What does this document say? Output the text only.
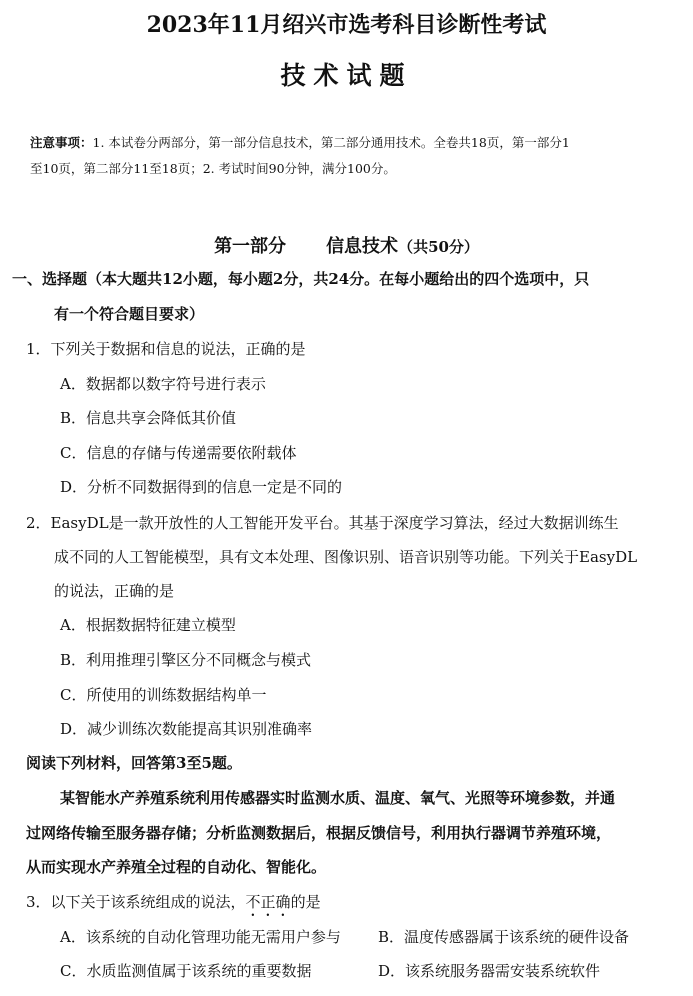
2023年11月绍兴市选考科目诊断性考试
技术试题
注意事项：1. 本试卷分两部分，第一部分信息技术，第二部分通用技术。全卷共18页，第一部分1
至10页，第二部分11至18页；2. 考试时间90分钟，满分100分。
第一部分 信息技术（共50分）
一、选择题（本大题共12小题，每小题2分，共24分。在每小题给出的四个选项中，只
有一个符合题目要求）
1．下列关于数据和信息的说法，正确的是
A．数据都以数字符号进行表示
B．信息共享会降低其价值
C．信息的存储与传递需要依附载体
D．分析不同数据得到的信息一定是不同的
2．EasyDL是一款开放性的人工智能开发平台。其基于深度学习算法，经过大数据训练生
成不同的人工智能模型，具有文本处理、图像识别、语音识别等功能。下列关于EasyDL
的说法，正确的是
A．根据数据特征建立模型
B．利用推理引擎区分不同概念与模式
C．所使用的训练数据结构单一
D．减少训练次数能提高其识别准确率
阅读下列材料，回答第3至5题。
某智能水产养殖系统利用传感器实时监测水质、温度、氧气、光照等环境参数，并通
过网络传输至服务器存储；分析监测数据后，根据反馈信号，利用执行器调节养殖环境，
从而实现水产养殖全过程的自动化、智能化。
3．以下关于该系统组成的说法，不正确的是
A．该系统的自动化管理功能无需用户参与 B．温度传感器属于该系统的硬件设备
C．水质监测值属于该系统的重要数据	D．该系统服务器需安装系统软件
